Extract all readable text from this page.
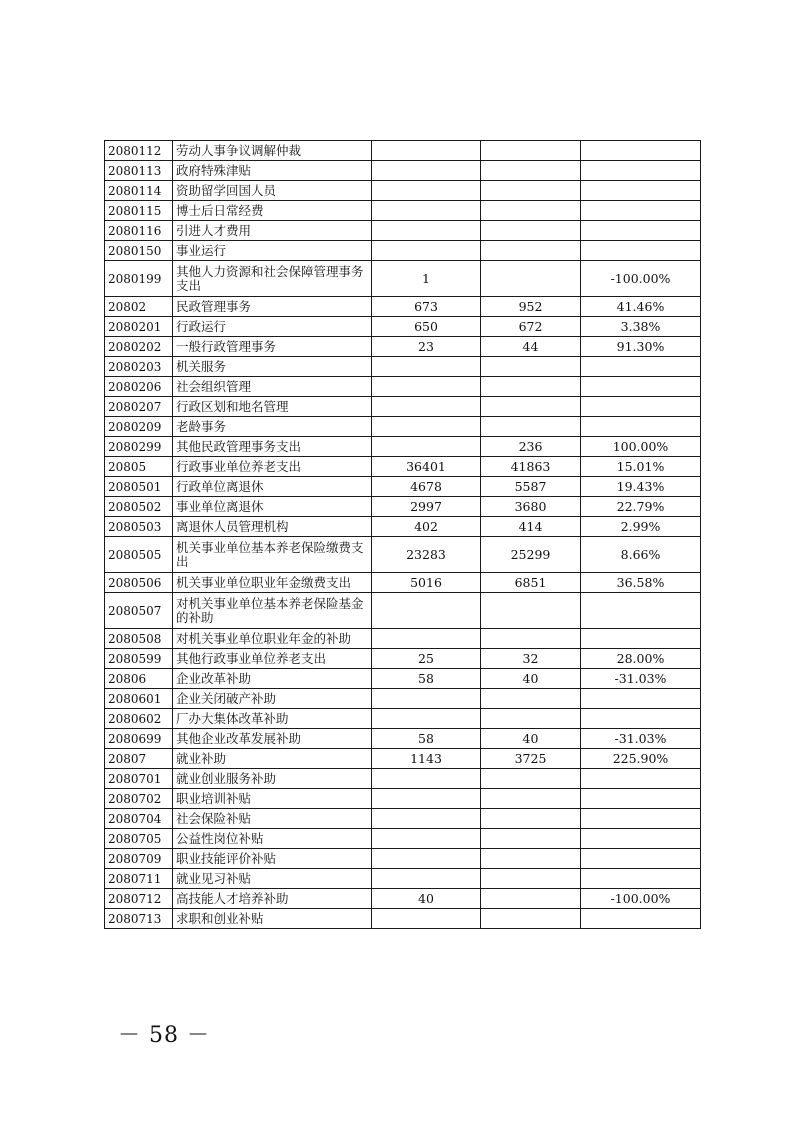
2080112	劳动人事争议调解仲裁			
2080113	政府特殊津贴			
2080114	资助留学回国人员			
2080115	博士后日常经费			
2080116	引进人才费用			
2080150	事业运行			
2080199	其他人力资源和社会保障管理事务支出	1		-100.00%
20802	民政管理事务	673	952	41.46%
2080201	行政运行	650	672	3.38%
2080202	一般行政管理事务	23	44	91.30%
2080203	机关服务			
2080206	社会组织管理			
2080207	行政区划和地名管理			
2080209	老龄事务			
2080299	其他民政管理事务支出		236	100.00%
20805	行政事业单位养老支出	36401	41863	15.01%
2080501	行政单位离退休	4678	5587	19.43%
2080502	事业单位离退休	2997	3680	22.79%
2080503	离退休人员管理机构	402	414	2.99%
2080505	机关事业单位基本养老保险缴费支出	23283	25299	8.66%
2080506	机关事业单位职业年金缴费支出	5016	6851	36.58%
2080507	对机关事业单位基本养老保险基金的补助			
2080508	对机关事业单位职业年金的补助			
2080599	其他行政事业单位养老支出	25	32	28.00%
20806	企业改革补助	58	40	-31.03%
2080601	企业关闭破产补助			
2080602	厂办大集体改革补助			
2080699	其他企业改革发展补助	58	40	-31.03%
20807	就业补助	1143	3725	225.90%
2080701	就业创业服务补助			
2080702	职业培训补贴			
2080704	社会保险补贴			
2080705	公益性岗位补贴			
2080709	职业技能评价补贴			
2080711	就业见习补贴			
2080712	高技能人才培养补助	40		-100.00%
2080713	求职和创业补贴			
－ 58 －
